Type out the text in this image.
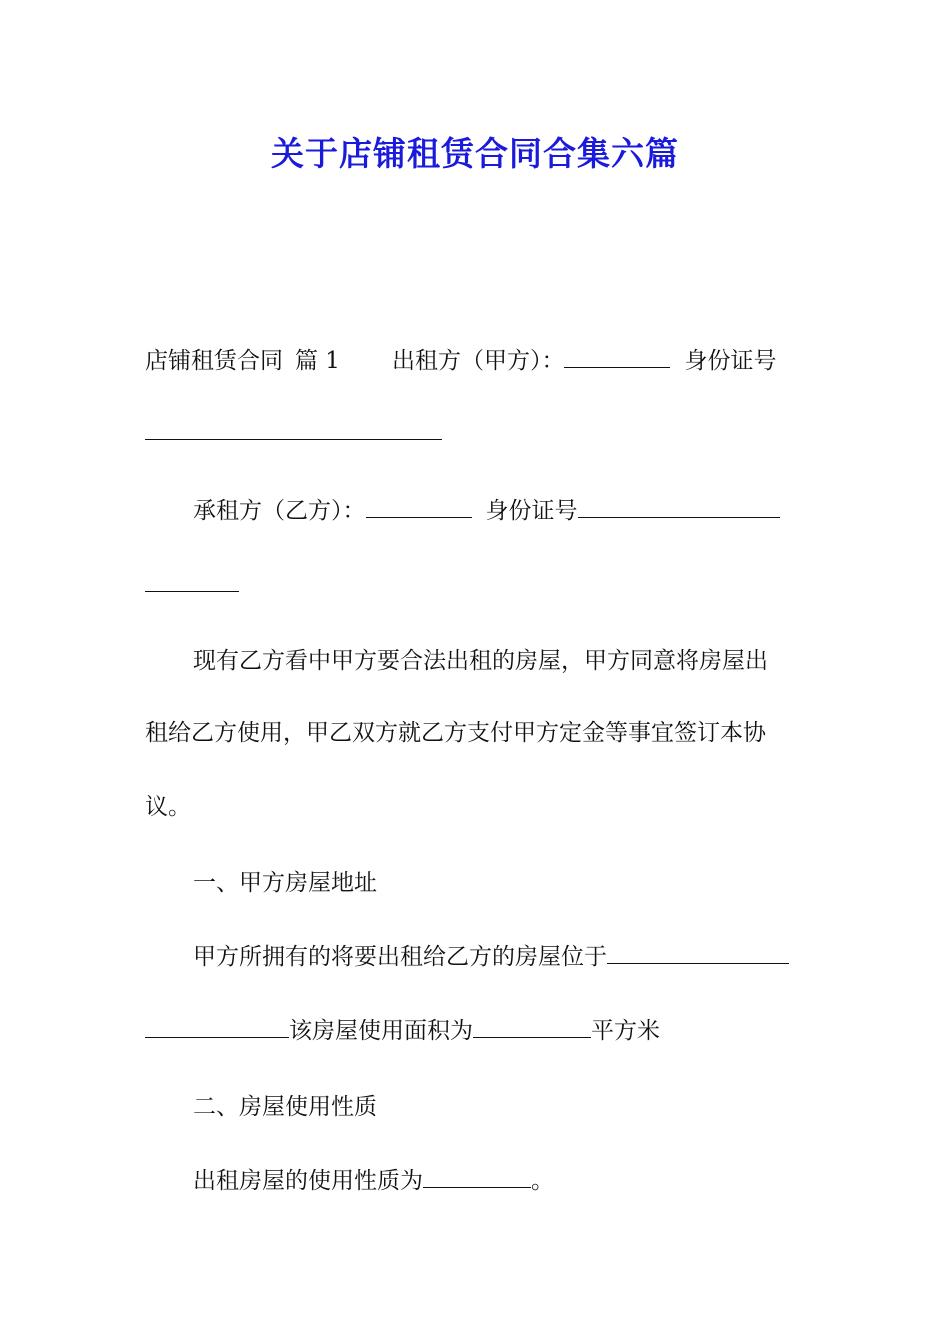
关于店铺租赁合同合集六篇
店铺租赁合同 篇 1 出租方（甲方）：	身份证号
承租方（乙方）：	身份证号
现有乙方看中甲方要合法出租的房屋，甲方同意将房屋出
租给乙方使用，甲乙双方就乙方支付甲方定金等事宜签订本协
议。
一、甲方房屋地址
甲方所拥有的将要出租给乙方的房屋位于
该房屋使用面积为	平方米
二、房屋使用性质
出租房屋的使用性质为	。
